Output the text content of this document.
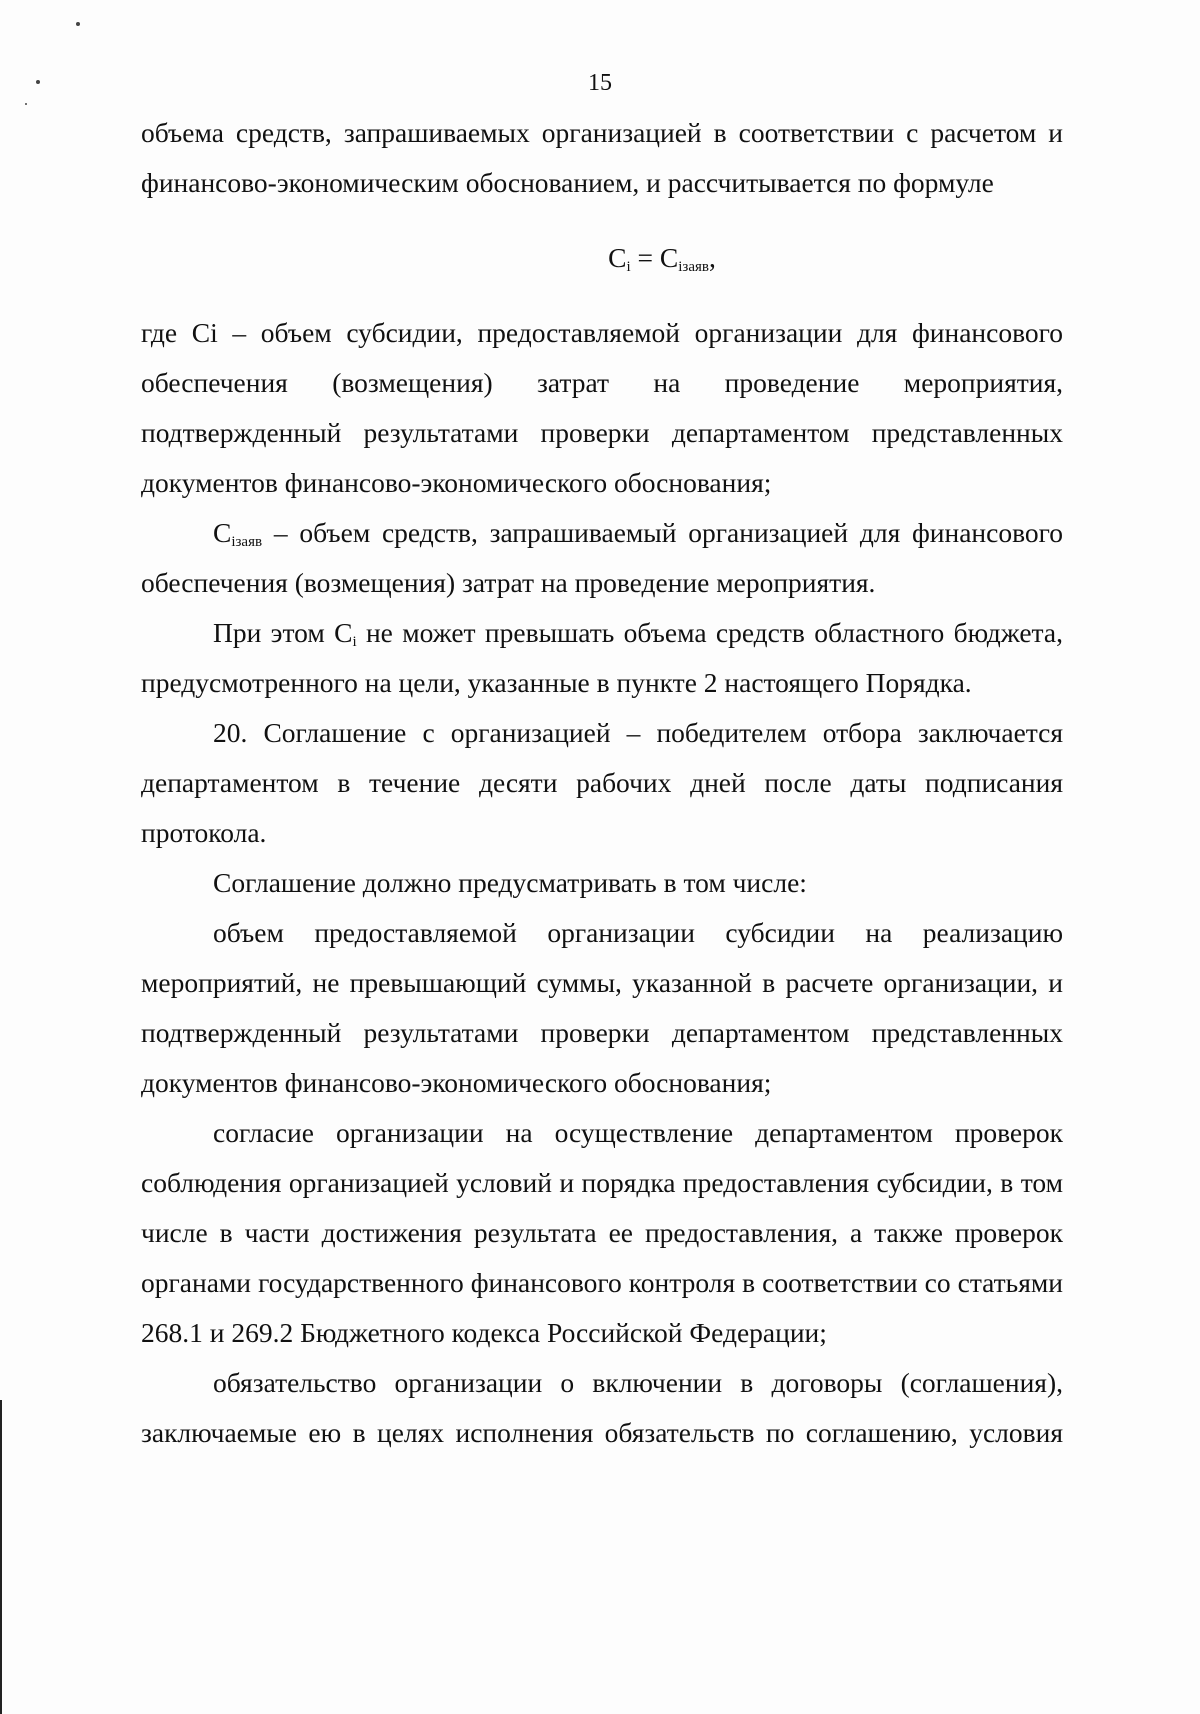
15

объема средств, запрашиваемых организацией в соответствии с расчетом и финансово-экономическим обоснованием, и рассчитывается по формуле

$C_i = C_{iзаяв}$,

где Ci – объем субсидии, предоставляемой организации для финансового обеспечения (возмещения) затрат на проведение мероприятия, подтвержденный результатами проверки департаментом представленных документов финансово-экономического обоснования;

$C_{iзаяв}$ – объем средств, запрашиваемый организацией для финансового обеспечения (возмещения) затрат на проведение мероприятия.

При этом $C_i$ не может превышать объема средств областного бюджета, предусмотренного на цели, указанные в пункте 2 настоящего Порядка.

20. Соглашение с организацией – победителем отбора заключается департаментом в течение десяти рабочих дней после даты подписания протокола.

Соглашение должно предусматривать в том числе:

объем предоставляемой организации субсидии на реализацию мероприятий, не превышающий суммы, указанной в расчете организации, и подтвержденный результатами проверки департаментом представленных документов финансово-экономического обоснования;

согласие организации на осуществление департаментом проверок соблюдения организацией условий и порядка предоставления субсидии, в том числе в части достижения результата ее предоставления, а также проверок органами государственного финансового контроля в соответствии со статьями 268.1 и 269.2 Бюджетного кодекса Российской Федерации;

обязательство организации о включении в договоры (соглашения), заключаемые ею в целях исполнения обязательств по соглашению, условия
